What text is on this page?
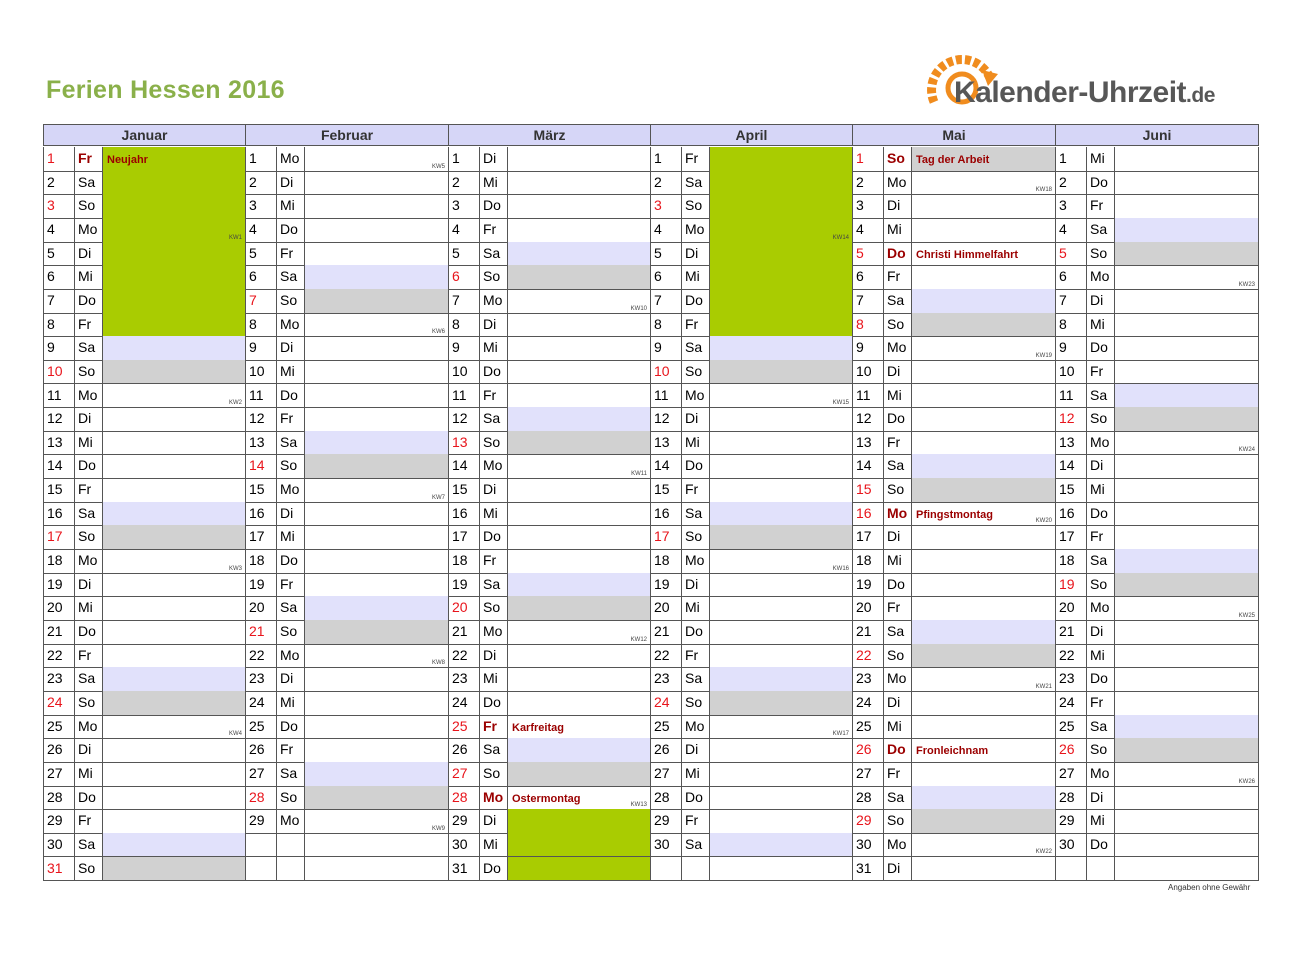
Ferien Hessen 2016	Kalender-Uhrzeit.de
Januar
1	Fr	Neujahr
2	Sa
3	So
4	Mo
KW1
5	Di
6	Mi
7	Do
8	Fr
9	Sa
10	So
11	Mo
KW2
12	Di
13	Mi
14	Do
15	Fr
16	Sa
17	So
18	Mo
KW3
19	Di
20	Mi
21	Do
22	Fr
23	Sa
24	So
25	Mo
KW4
26	Di
27	Mi
28	Do
29	Fr
30	Sa
31	So
Februar
1	Mo
KW5
2	Di
3	Mi
4	Do
5	Fr
6	Sa
7	So
8	Mo
KW6
9	Di
10	Mi
11	Do
12	Fr
13	Sa
14	So
15	Mo
KW7
16	Di
17	Mi
18	Do
19	Fr
20	Sa
21	So
22	Mo
KW8
23	Di
24	Mi
25	Do
26	Fr
27	Sa
28	So
29	Mo
KW9
März
1	Di
2	Mi
3	Do
4	Fr
5	Sa
6	So
7	Mo
KW10
8	Di
9	Mi
10	Do
11	Fr
12	Sa
13	So
14	Mo
KW11
15	Di
16	Mi
17	Do
18	Fr
19	Sa
20	So
21	Mo
KW12
22	Di
23	Mi
24	Do
25	Fr	Karfreitag
26	Sa
27	So
28	Mo Ostermontag
KW13
29	Di
30	Mi
31	Do
April
1	Fr
2	Sa
3	So
4	Mo
KW14
5	Di
6	Mi
7	Do
8	Fr
9	Sa
10	So
11	Mo
KW15
12	Di
13	Mi
14	Do
15	Fr
16	Sa
17	So
18	Mo
KW16
19	Di
20	Mi
21	Do
22	Fr
23	Sa
24	So
25	Mo
KW17
26	Di
27	Mi
28	Do
29	Fr
30	Sa
Mai
1	So	Tag der Arbeit
2	Mo
KW18
3	Di
4	Mi
5	Do Christi Himmelfahrt
6	Fr
7	Sa
8	So
9	Mo
KW19
10	Di
11	Mi
12	Do
13	Fr
14	Sa
15	So
16	Mo Pfingstmontag
KW20
17	Di
18	Mi
19	Do
20	Fr
21	Sa
22	So
23	Mo
KW21
24	Di
25	Mi
26	Do Fronleichnam
27	Fr
28	Sa
29	So
30	Mo
KW22
31	Di
Juni
1	Mi
2	Do
3	Fr
4	Sa
5	So
6	Mo
KW23
7	Di
8	Mi
9	Do
10	Fr
11	Sa
12	So
13	Mo
KW24
14	Di
15	Mi
16	Do
17	Fr
18	Sa
19	So
20	Mo
KW25
21	Di
22	Mi
23	Do
24	Fr
25	Sa
26	So
27	Mo
KW26
28	Di
29	Mi
30	Do
Angaben ohne Gewähr
